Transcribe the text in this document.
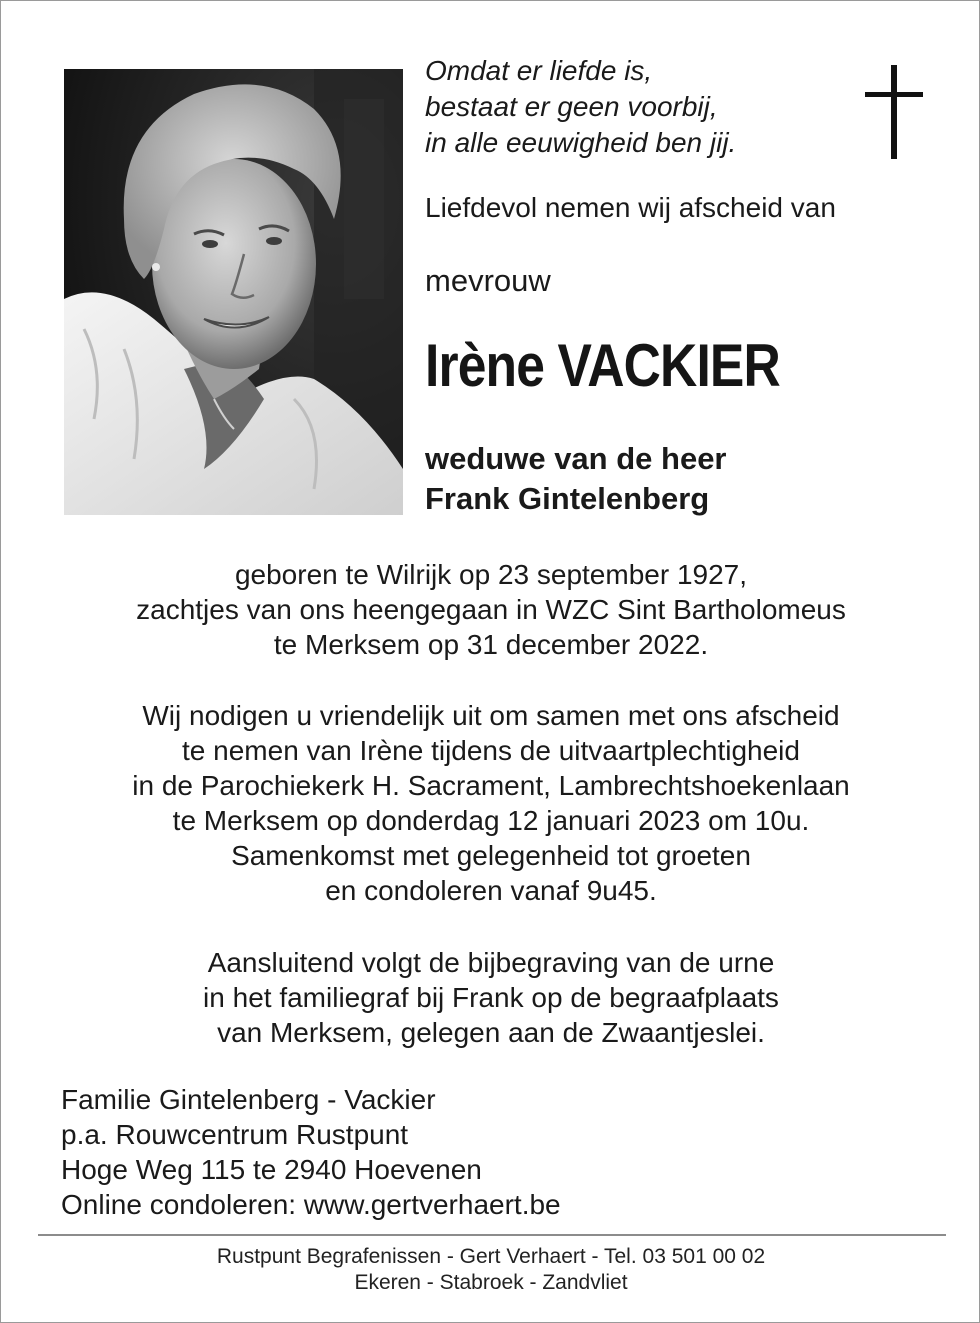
Omdat er liefde is,
bestaat er geen voorbij,
in alle eeuwigheid ben jij.
Liefdevol nemen wij afscheid van
mevrouw
Irène VACKIER
weduwe van de heer
Frank Gintelenberg
geboren te Wilrijk op 23 september 1927,
zachtjes van ons heengegaan in WZC Sint Bartholomeus
te Merksem op 31 december 2022.
Wij nodigen u vriendelijk uit om samen met ons afscheid
te nemen van Irène tijdens de uitvaartplechtigheid
in de Parochiekerk H. Sacrament, Lambrechtshoekenlaan
te Merksem op donderdag 12 januari 2023 om 10u.
Samenkomst met gelegenheid tot groeten
en condoleren vanaf 9u45.
Aansluitend volgt de bijbegraving van de urne
in het familiegraf bij Frank op de begraafplaats
van Merksem, gelegen aan de Zwaantjeslei.
Familie Gintelenberg - Vackier
p.a. Rouwcentrum Rustpunt
Hoge Weg 115 te 2940 Hoevenen
Online condoleren: www.gertverhaert.be
Rustpunt Begrafenissen - Gert Verhaert - Tel. 03 501 00 02
Ekeren - Stabroek - Zandvliet
